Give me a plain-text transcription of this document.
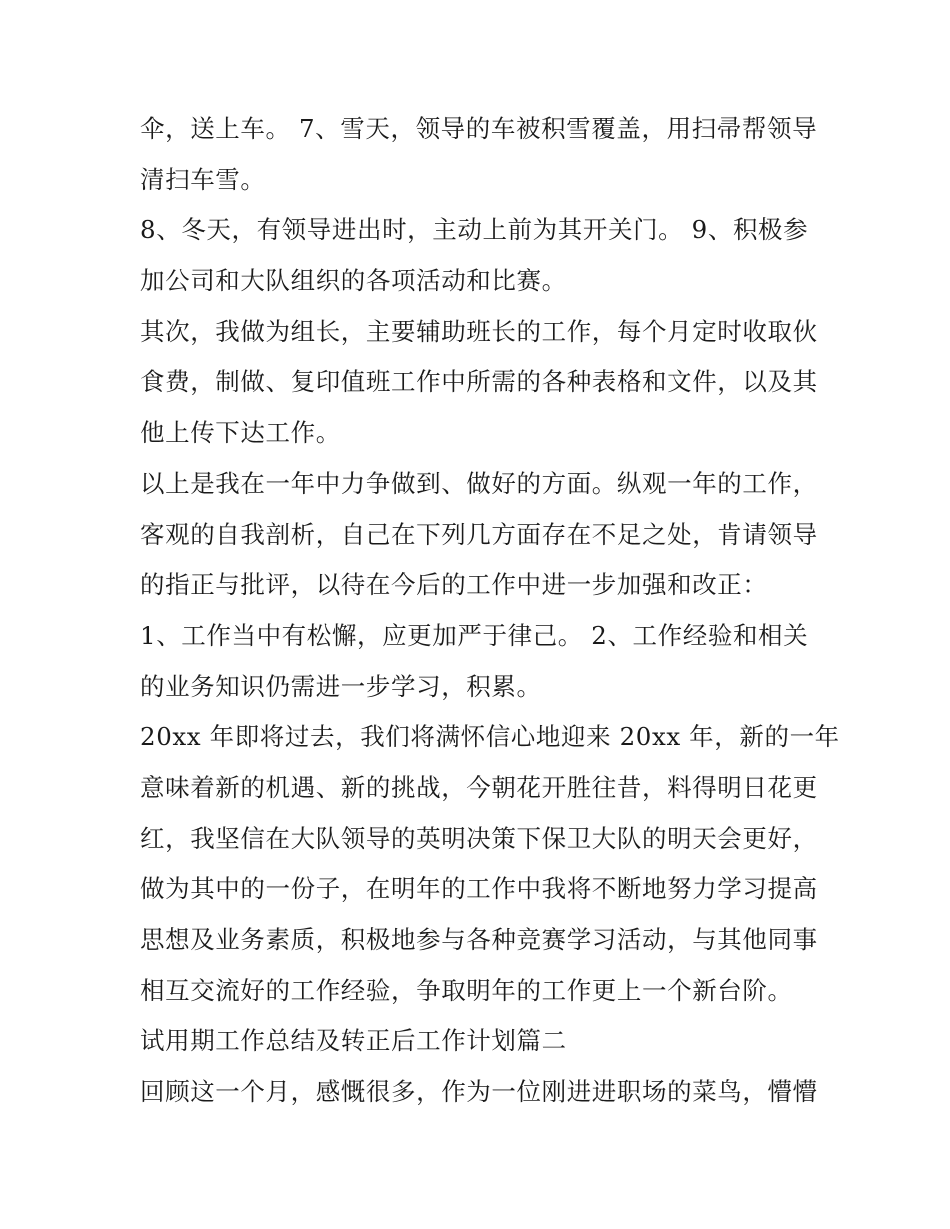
伞，送上车。 7、雪天，领导的车被积雪覆盖，用扫帚帮领导
清扫车雪。
8、冬天，有领导进出时，主动上前为其开关门。 9、积极参
加公司和大队组织的各项活动和比赛。
其次，我做为组长，主要辅助班长的工作，每个月定时收取伙
食费，制做、复印值班工作中所需的各种表格和文件，以及其
他上传下达工作。
以上是我在一年中力争做到、做好的方面。纵观一年的工作，
客观的自我剖析，自己在下列几方面存在不足之处，肯请领导
的指正与批评，以待在今后的工作中进一步加强和改正：
1、工作当中有松懈，应更加严于律己。 2、工作经验和相关
的业务知识仍需进一步学习，积累。
20xx 年即将过去，我们将满怀信心地迎来 20xx 年，新的一年
意味着新的机遇、新的挑战，今朝花开胜往昔，料得明日花更
红，我坚信在大队领导的英明决策下保卫大队的明天会更好，
做为其中的一份子，在明年的工作中我将不断地努力学习提高
思想及业务素质，积极地参与各种竞赛学习活动，与其他同事
相互交流好的工作经验，争取明年的工作更上一个新台阶。
试用期工作总结及转正后工作计划篇二
回顾这一个月，感慨很多，作为一位刚进进职场的菜鸟，懵懵
